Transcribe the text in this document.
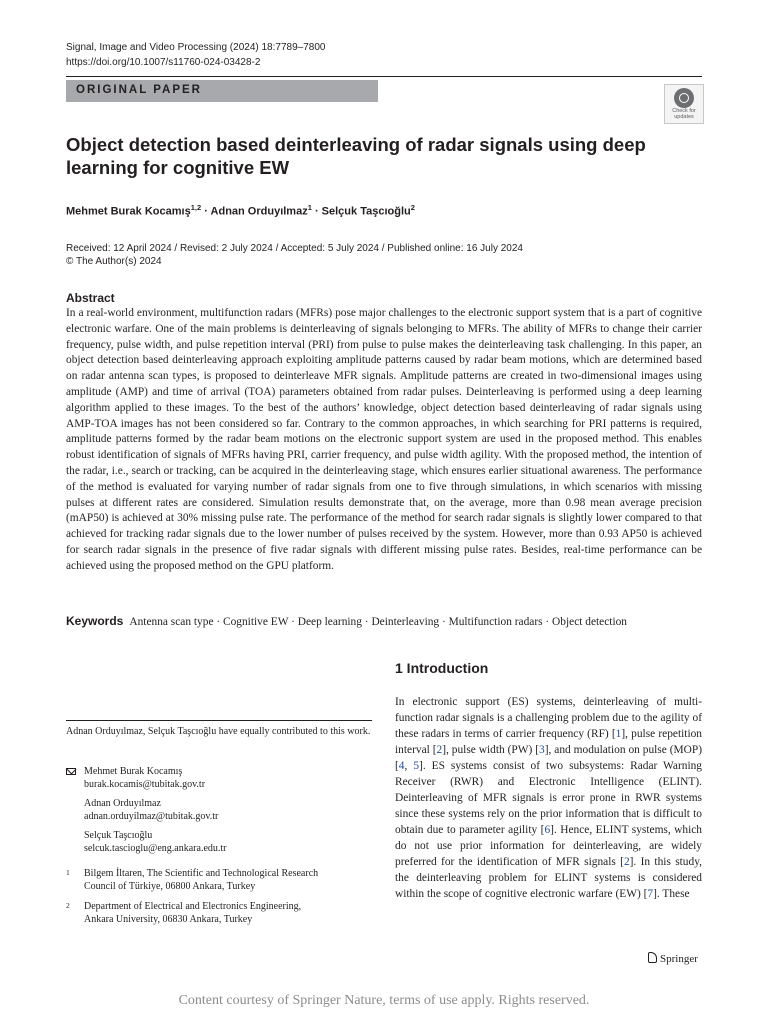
Signal, Image and Video Processing (2024) 18:7789–7800
https://doi.org/10.1007/s11760-024-03428-2
ORIGINAL PAPER
Check for
updates
Object detection based deinterleaving of radar signals using deep learning for cognitive EW
Mehmet Burak Kocamış$^{1,2}$ · Adnan Orduyılmaz$^1$ · Selçuk Taşcıoğlu$^2$
Received: 12 April 2024 / Revised: 2 July 2024 / Accepted: 5 July 2024 / Published online: 16 July 2024
© The Author(s) 2024
Abstract
In a real-world environment, multifunction radars (MFRs) pose major challenges to the electronic support system that is a part of cognitive electronic warfare. One of the main problems is deinterleaving of signals belonging to MFRs. The ability of MFRs to change their carrier frequency, pulse width, and pulse repetition interval (PRI) from pulse to pulse makes the deinterleaving task challenging. In this paper, an object detection based deinterleaving approach exploiting amplitude patterns caused by radar beam motions, which are determined based on radar antenna scan types, is proposed to deinterleave MFR signals. Amplitude patterns are created in two-dimensional images using amplitude (AMP) and time of arrival (TOA) parameters obtained from radar pulses. Deinterleaving is performed using a deep learning algorithm applied to these images. To the best of the authors’ knowledge, object detection based deinterleaving of radar signals using AMP-TOA images has not been considered so far. Contrary to the common approaches, in which searching for PRI patterns is required, amplitude patterns formed by the radar beam motions on the electronic support system are used in the proposed method. This enables robust identification of signals of MFRs having PRI, carrier frequency, and pulse width agility. With the proposed method, the intention of the radar, i.e., search or tracking, can be acquired in the deinterleaving stage, which ensures earlier situational awareness. The performance of the method is evaluated for varying number of radar signals from one to five through simulations, in which scenarios with missing pulses at different rates are considered. Simulation results demonstrate that, on the average, more than 0.98 mean average precision (mAP50) is achieved at 30% missing pulse rate. The performance of the method for search radar signals is slightly lower compared to that achieved for tracking radar signals due to the lower number of pulses received by the system. However, more than 0.93 AP50 is achieved for search radar signals in the presence of five radar signals with different missing pulse rates. Besides, real-time performance can be achieved using the proposed method on the GPU platform.
Keywords Antenna scan type · Cognitive EW · Deep learning · Deinterleaving · Multifunction radars · Object detection
1 Introduction
In electronic support (ES) systems, deinterleaving of multi-function radar signals is a challenging problem due to the agility of these radars in terms of carrier frequency (RF) [1], pulse repetition interval [2], pulse width (PW) [3], and modulation on pulse (MOP) [4, 5]. ES systems consist of two subsystems: Radar Warning Receiver (RWR) and Electronic Intelligence (ELINT). Deinterleaving of MFR signals is error prone in RWR systems since these systems rely on the prior information that is difficult to obtain due to parameter agility [6]. Hence, ELINT systems, which do not use prior information for deinterleaving, are widely preferred for the identification of MFR signals [2]. In this study, the deinterleaving problem for ELINT systems is considered within the scope of cognitive electronic warfare (EW) [7]. These
Adnan Orduyılmaz, Selçuk Taşcıoğlu have equally contributed to this work.
Mehmet Burak Kocamış
burak.kocamis@tubitak.gov.tr
Adnan Orduyılmaz
adnan.orduyilmaz@tubitak.gov.tr
Selçuk Taşcıoğlu
selcuk.tascioglu@eng.ankara.edu.tr
1 Bilgem İltaren, The Scientific and Technological Research
Council of Türkiye, 06800 Ankara, Turkey
2 Department of Electrical and Electronics Engineering,
Ankara University, 06830 Ankara, Turkey
Springer
Content courtesy of Springer Nature, terms of use apply. Rights reserved.
